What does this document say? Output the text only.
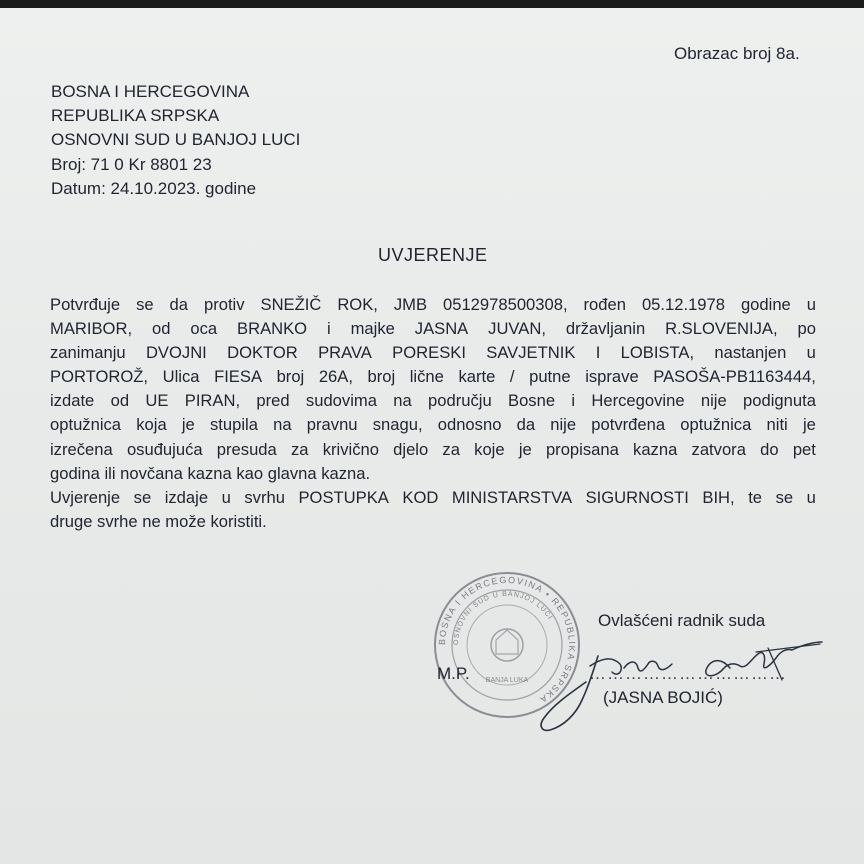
Obrazac broj 8a.
BOSNA I HERCEGOVINA
REPUBLIKA SRPSKA
OSNOVNI SUD U BANJOJ LUCI
Broj: 71 0 Kr 8801 23
Datum: 24.10.2023. godine
UVJERENJE
Potvrđuje se da protiv SNEŽIČ ROK, JMB 0512978500308, rođen 05.12.1978 godine u
MARIBOR, od oca BRANKO i majke JASNA JUVAN, državljanin R.SLOVENIJA, po
zanimanju DVOJNI DOKTOR PRAVA PORESKI SAVJETNIK I LOBISTA, nastanjen u
PORTOROŽ, Ulica FIESA broj 26A, broj lične karte / putne isprave PASOŠA-PB1163444,
izdate od UE PIRAN, pred sudovima na području Bosne i Hercegovine nije podignuta
optužnica koja je stupila na pravnu snagu, odnosno da nije potvrđena optužnica niti je
izrečena osuđujuća presuda za krivično djelo za koje je propisana kazna zatvora do pet
godina ili novčana kazna kao glavna kazna.
Uvjerenje se izdaje u svrhu POSTUPKA KOD MINISTARSTVA SIGURNOSTI BIH, te se u
druge svrhe ne može koristiti.
BOSNA I HERCEGOVINA • REPUBLIKA SRPSKA
OSNOVNI SUD U BANJOJ LUCI
BANJA LUKA
Ovlašćeni radnik suda
M.P.	……………………………
(JASNA BOJIĆ)
